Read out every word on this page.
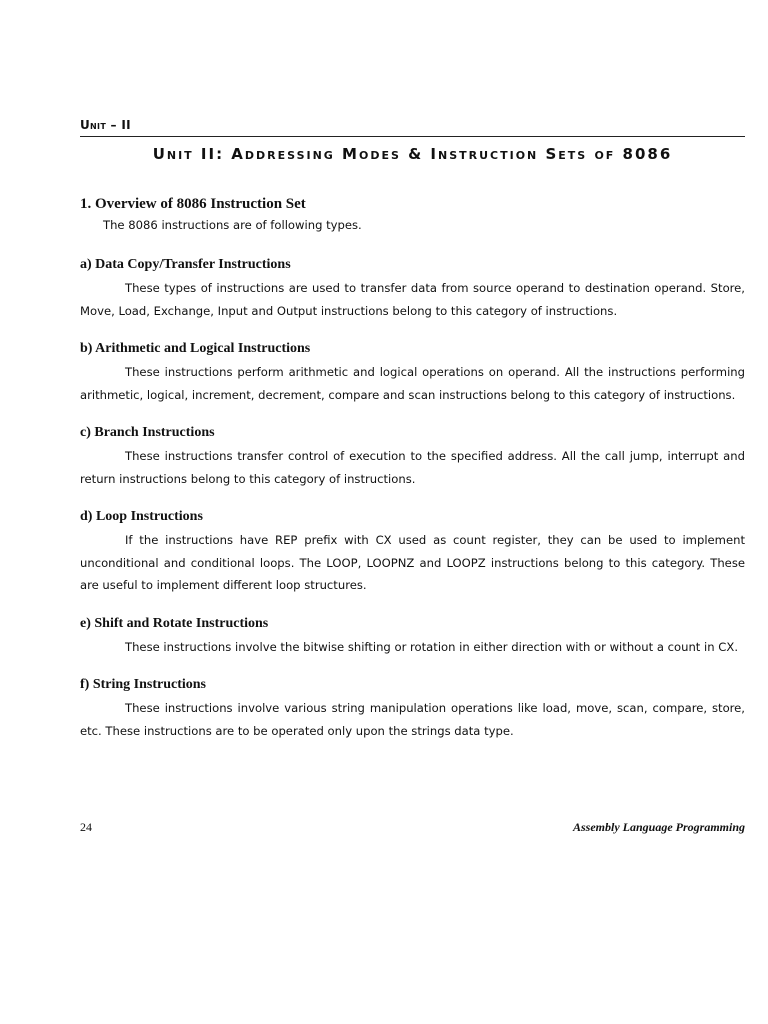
Unit – II
Unit II: Addressing Modes & Instruction Sets of 8086
1. Overview of 8086 Instruction Set

The 8086 instructions are of following types.

a) Data Copy/Transfer Instructions

These types of instructions are used to transfer data from source operand to destination operand. Store, Move, Load, Exchange, Input and Output instructions belong to this category of instructions.

b) Arithmetic and Logical Instructions

These instructions perform arithmetic and logical operations on operand. All the instructions performing arithmetic, logical, increment, decrement, compare and scan instructions belong to this category of instructions.

c) Branch Instructions

These instructions transfer control of execution to the specified address. All the call jump, interrupt and return instructions belong to this category of instructions.

d) Loop Instructions

If the instructions have REP prefix with CX used as count register, they can be used to implement unconditional and conditional loops. The LOOP, LOOPNZ and LOOPZ instructions belong to this category. These are useful to implement different loop structures.

e) Shift and Rotate Instructions

These instructions involve the bitwise shifting or rotation in either direction with or without a count in CX.

f) String Instructions

These instructions involve various string manipulation operations like load, move, scan, compare, store, etc. These instructions are to be operated only upon the strings data type.

24	Assembly Language Programming
